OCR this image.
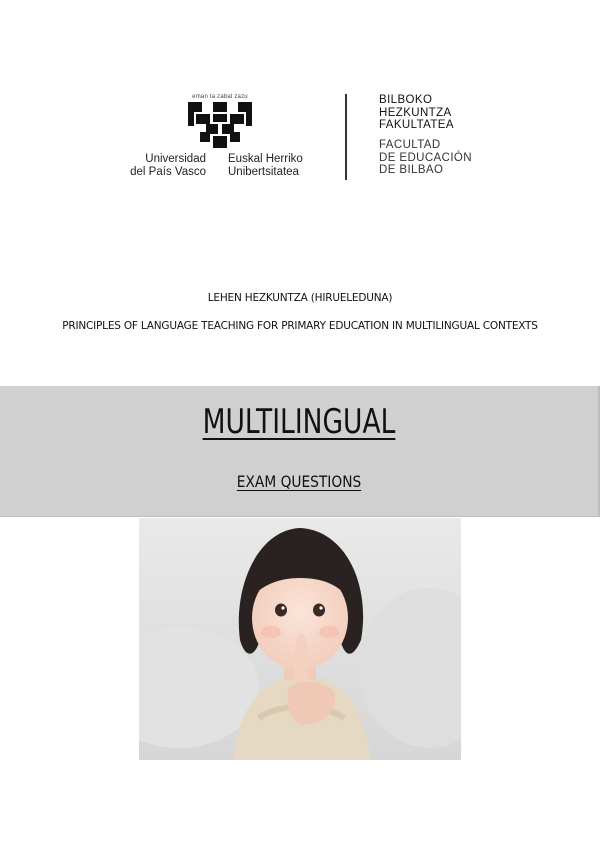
eman ta zabal zazu
Universidad
del País Vasco
Euskal Herriko
Unibertsitatea
BILBOKO
HEZKUNTZA
FAKULTATEA
FACULTAD
DE EDUCACIÓN
DE BILBAO
LEHEN HEZKUNTZA (HIRUELEDUNA)
PRINCIPLES OF LANGUAGE TEACHING FOR PRIMARY EDUCATION IN MULTILINGUAL CONTEXTS
MULTILINGUAL
EXAM QUESTIONS
